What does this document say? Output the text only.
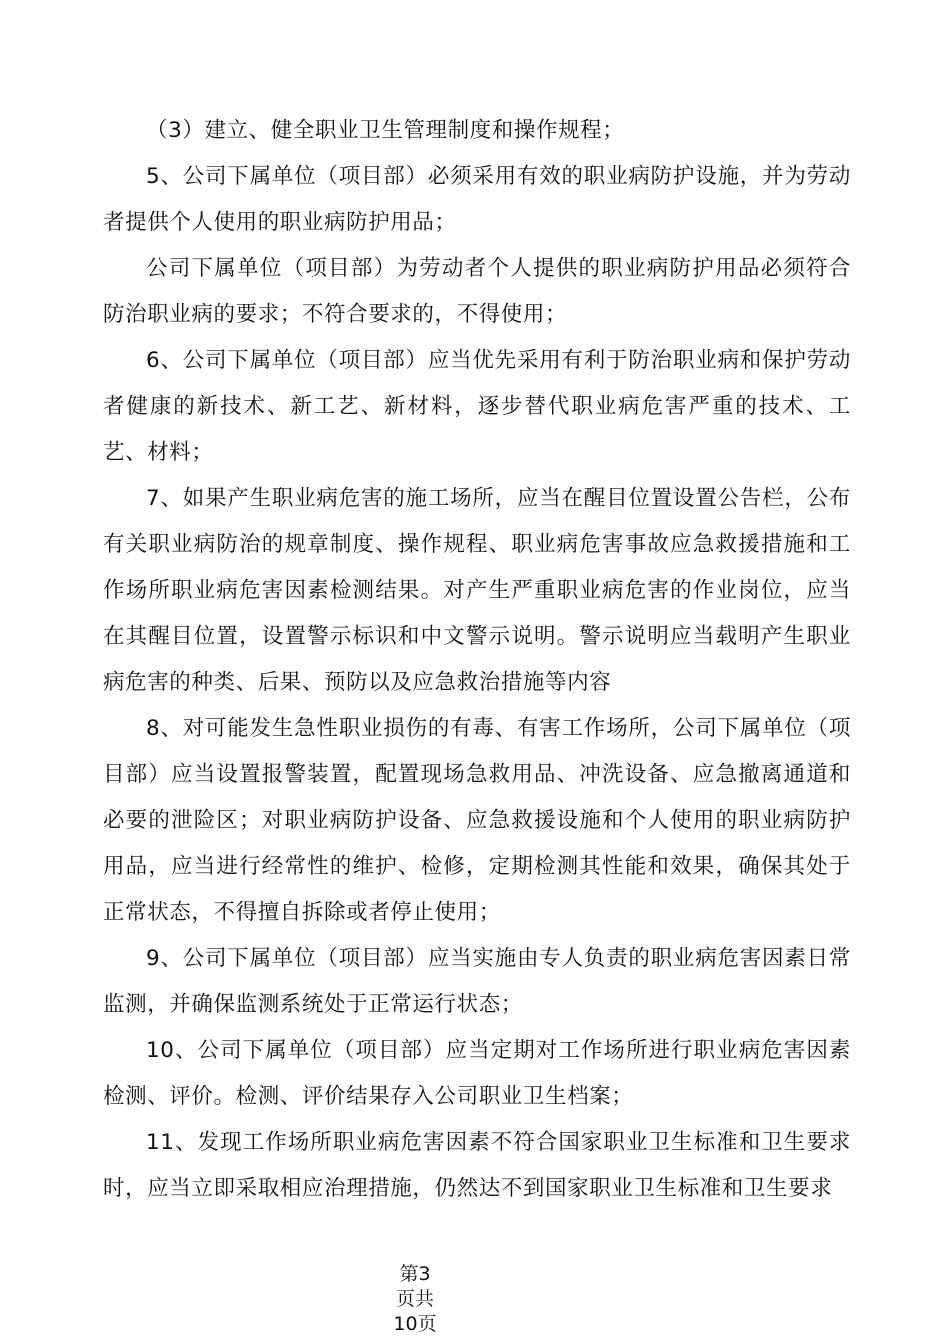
（3）建立、健全职业卫生管理制度和操作规程；

5、公司下属单位（项目部）必须采用有效的职业病防护设施，并为劳动者提供个人使用的职业病防护用品；

公司下属单位（项目部）为劳动者个人提供的职业病防护用品必须符合防治职业病的要求；不符合要求的，不得使用；

6、公司下属单位（项目部）应当优先采用有利于防治职业病和保护劳动者健康的新技术、新工艺、新材料，逐步替代职业病危害严重的技术、工艺、材料；

7、如果产生职业病危害的施工场所，应当在醒目位置设置公告栏，公布有关职业病防治的规章制度、操作规程、职业病危害事故应急救援措施和工作场所职业病危害因素检测结果。对产生严重职业病危害的作业岗位，应当在其醒目位置，设置警示标识和中文警示说明。警示说明应当载明产生职业病危害的种类、后果、预防以及应急救治措施等内容

8、对可能发生急性职业损伤的有毒、有害工作场所，公司下属单位（项目部）应当设置报警装置，配置现场急救用品、冲洗设备、应急撤离通道和必要的泄险区；对职业病防护设备、应急救援设施和个人使用的职业病防护用品，应当进行经常性的维护、检修，定期检测其性能和效果，确保其处于正常状态，不得擅自拆除或者停止使用；

9、公司下属单位（项目部）应当实施由专人负责的职业病危害因素日常监测，并确保监测系统处于正常运行状态；

10、公司下属单位（项目部）应当定期对工作场所进行职业病危害因素检测、评价。检测、评价结果存入公司职业卫生档案；

11、发现工作场所职业病危害因素不符合国家职业卫生标准和卫生要求时，应当立即采取相应治理措施，仍然达不到国家职业卫生标准和卫生要求

第3
页共
10页
